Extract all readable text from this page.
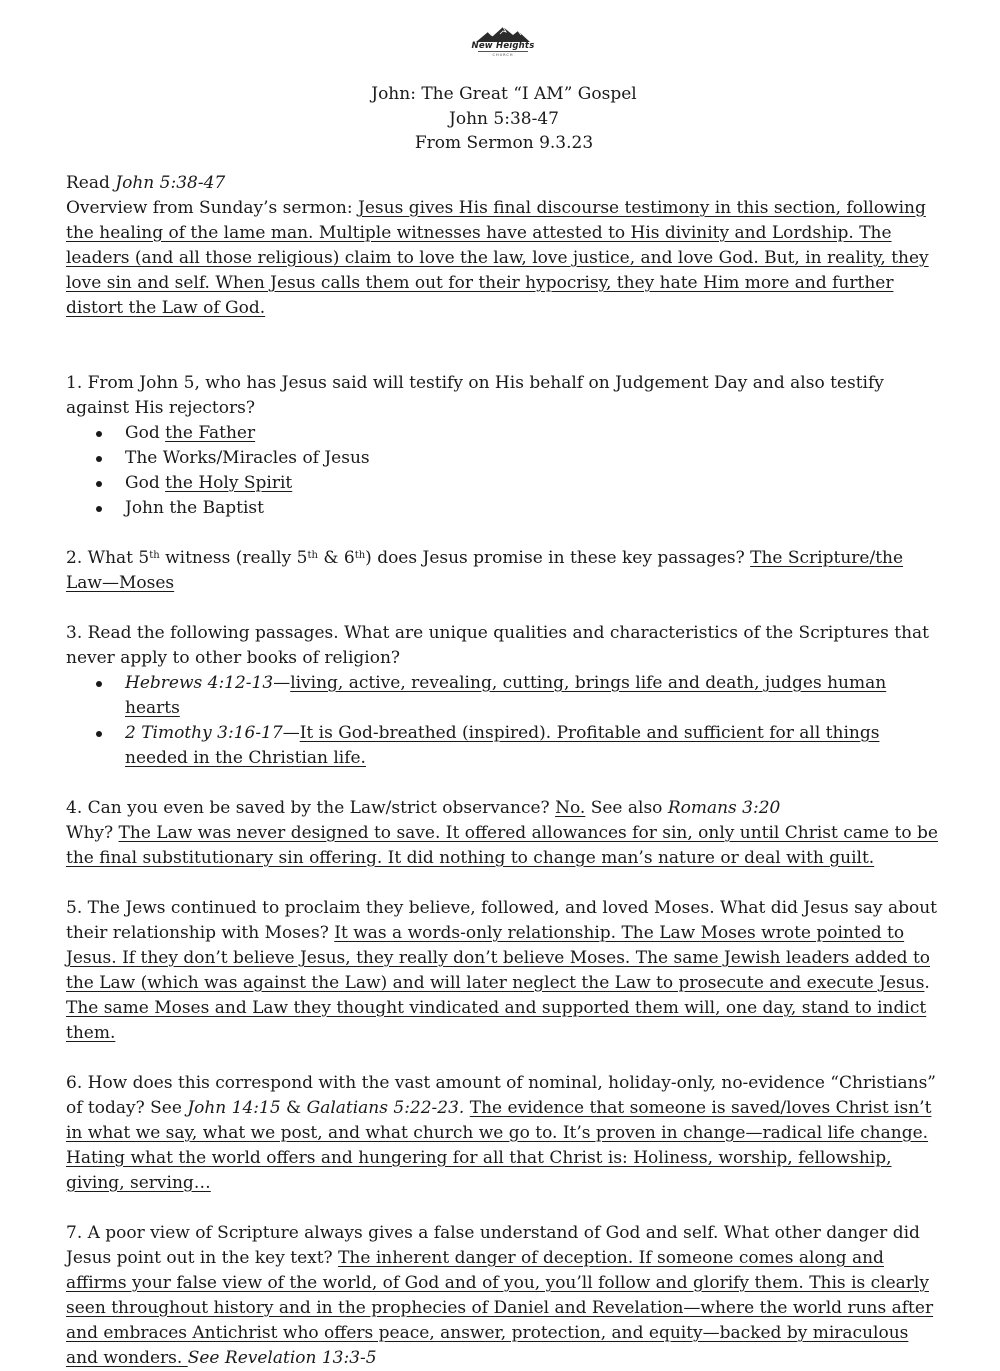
New Heights
CHURCH
John: The Great “I AM” Gospel
John 5:38-47
From Sermon 9.3.23

Read John 5:38-47

Overview from Sunday’s sermon: Jesus gives His final discourse testimony in this section, following the healing of the lame man. Multiple witnesses have attested to His divinity and Lordship. The leaders (and all those religious) claim to love the law, love justice, and love God. But, in reality, they love sin and self. When Jesus calls them out for their hypocrisy, they hate Him more and further distort the Law of God.

1. From John 5, who has Jesus said will testify on His behalf on Judgement Day and also testify against His rejectors?

God the Father
The Works/Miracles of Jesus
God the Holy Spirit
John the Baptist

2. What 5th witness (really 5th & 6th) does Jesus promise in these key passages? The Scripture/the Law—Moses

3. Read the following passages. What are unique qualities and characteristics of the Scriptures that never apply to other books of religion?

Hebrews 4:12-13—living, active, revealing, cutting, brings life and death, judges human hearts
2 Timothy 3:16-17—It is God-breathed (inspired). Profitable and sufficient for all things needed in the Christian life.

4. Can you even be saved by the Law/strict observance? No. See also Romans 3:20

Why? The Law was never designed to save. It offered allowances for sin, only until Christ came to be the final substitutionary sin offering. It did nothing to change man’s nature or deal with guilt.

5. The Jews continued to proclaim they believe, followed, and loved Moses. What did Jesus say about their relationship with Moses? It was a words-only relationship. The Law Moses wrote pointed to Jesus. If they don’t believe Jesus, they really don’t believe Moses. The same Jewish leaders added to the Law (which was against the Law) and will later neglect the Law to prosecute and execute Jesus. The same Moses and Law they thought vindicated and supported them will, one day, stand to indict them.

6. How does this correspond with the vast amount of nominal, holiday-only, no-evidence “Christians” of today? See John 14:15 & Galatians 5:22-23. The evidence that someone is saved/loves Christ isn’t in what we say, what we post, and what church we go to. It’s proven in change—radical life change. Hating what the world offers and hungering for all that Christ is: Holiness, worship, fellowship, giving, serving…

7. A poor view of Scripture always gives a false understand of God and self. What other danger did Jesus point out in the key text? The inherent danger of deception. If someone comes along and affirms your false view of the world, of God and of you, you’ll follow and glorify them. This is clearly seen throughout history and in the prophecies of Daniel and Revelation—where the world runs after and embraces Antichrist who offers peace, answer, protection, and equity—backed by miraculous and wonders. See Revelation 13:3-5
